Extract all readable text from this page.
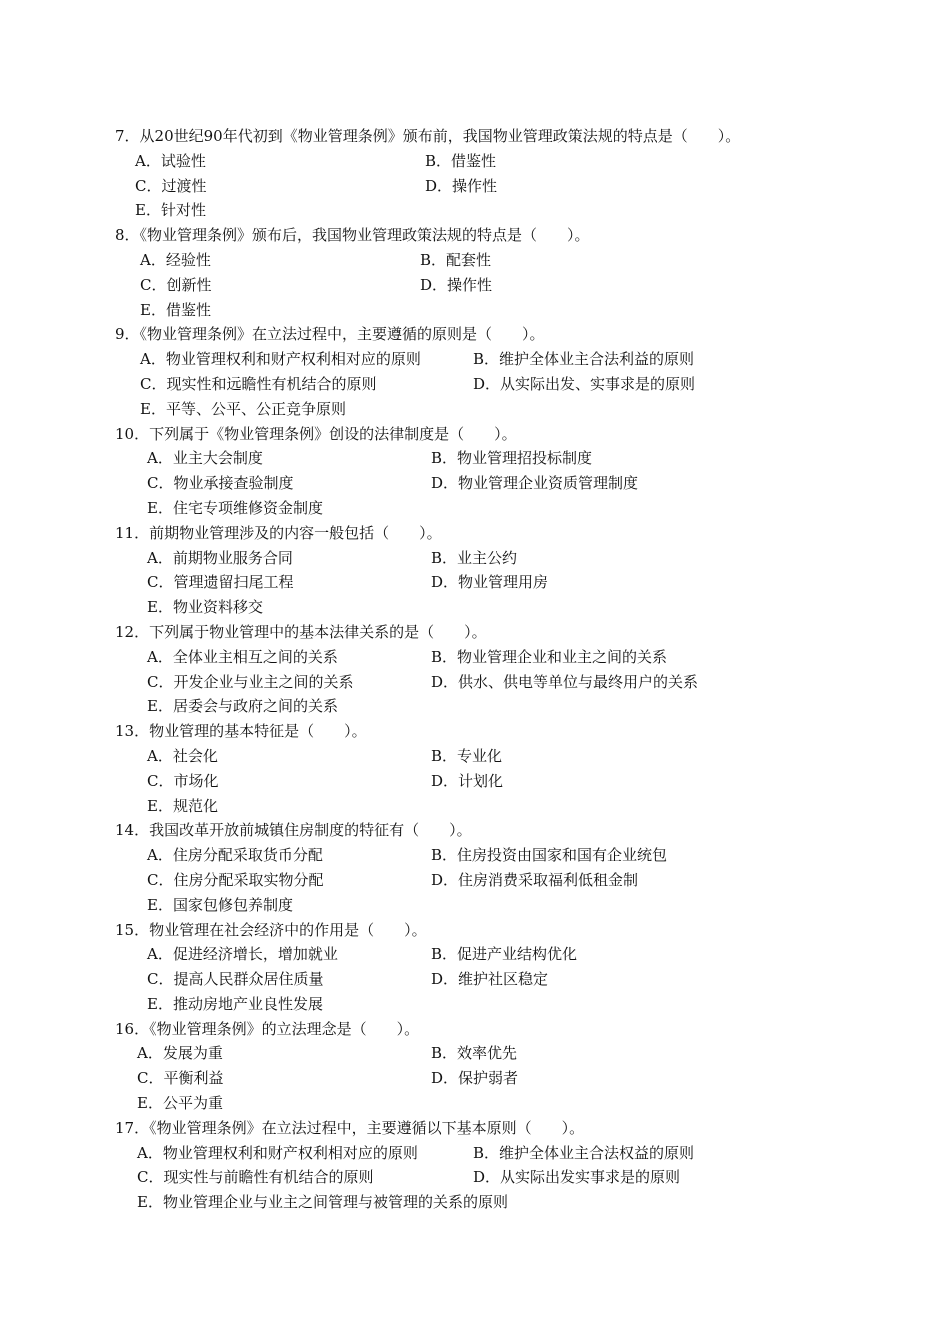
7．从20世纪90年代初到《物业管理条例》颁布前，我国物业管理政策法规的特点是（　　）。
A．试验性	B．借鉴性
C．过渡性	D．操作性
E．针对性
8．《物业管理条例》颁布后，我国物业管理政策法规的特点是（　　）。
A．经验性	B．配套性
C．创新性	D．操作性
E．借鉴性
9．《物业管理条例》在立法过程中，主要遵循的原则是（　　）。
A．物业管理权利和财产权利相对应的原则	B．维护全体业主合法利益的原则
C．现实性和远瞻性有机结合的原则	D．从实际出发、实事求是的原则
E．平等、公平、公正竞争原则
10．下列属于《物业管理条例》创设的法律制度是（　　）。
A．业主大会制度	B．物业管理招投标制度
C．物业承接查验制度	D．物业管理企业资质管理制度
E．住宅专项维修资金制度
11．前期物业管理涉及的内容一般包括（　　）。
A．前期物业服务合同	B．业主公约
C．管理遗留扫尾工程	D．物业管理用房
E．物业资料移交
12．下列属于物业管理中的基本法律关系的是（　　）。
A．全体业主相互之间的关系	B．物业管理企业和业主之间的关系
C．开发企业与业主之间的关系	D．供水、供电等单位与最终用户的关系
E．居委会与政府之间的关系
13．物业管理的基本特征是（　　）。
A．社会化	B．专业化
C．市场化	D．计划化
E．规范化
14．我国改革开放前城镇住房制度的特征有（　　）。
A．住房分配采取货币分配	B．住房投资由国家和国有企业统包
C．住房分配采取实物分配	D．住房消费采取福利低租金制
E．国家包修包养制度
15．物业管理在社会经济中的作用是（　　）。
A．促进经济增长，增加就业	B．促进产业结构优化
C．提高人民群众居住质量	D．维护社区稳定
E．推动房地产业良性发展
16．《物业管理条例》的立法理念是（　　）。
A．发展为重	B．效率优先
C．平衡利益	D．保护弱者
E．公平为重
17．《物业管理条例》在立法过程中，主要遵循以下基本原则（　　）。
A．物业管理权利和财产权利相对应的原则	B．维护全体业主合法权益的原则
C．现实性与前瞻性有机结合的原则	D．从实际出发实事求是的原则
E．物业管理企业与业主之间管理与被管理的关系的原则
